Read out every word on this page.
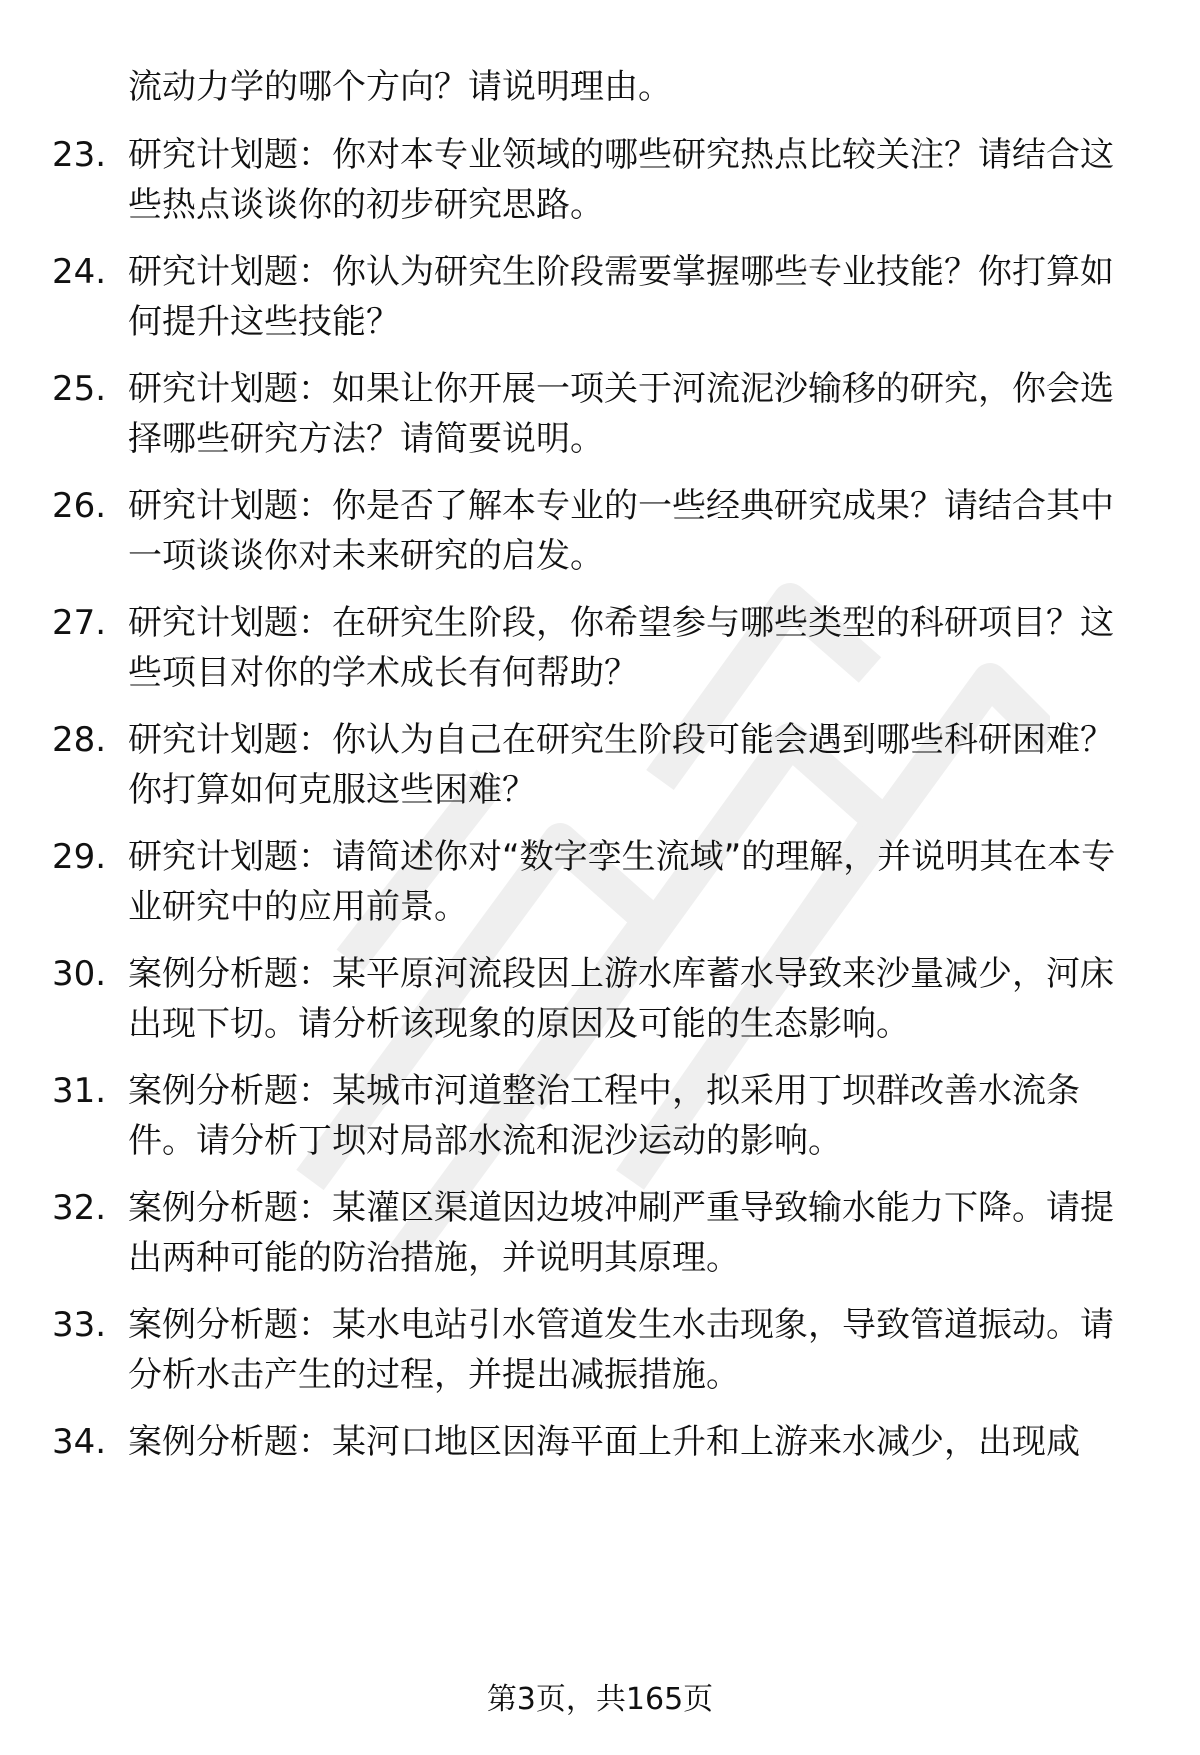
流动力学的哪个方向？请说明理由。

23. 研究计划题：你对本专业领域的哪些研究热点比较关注？请结合这些热点谈谈你的初步研究思路。
24. 研究计划题：你认为研究生阶段需要掌握哪些专业技能？你打算如何提升这些技能？
25. 研究计划题：如果让你开展一项关于河流泥沙输移的研究，你会选择哪些研究方法？请简要说明。
26. 研究计划题：你是否了解本专业的一些经典研究成果？请结合其中一项谈谈你对未来研究的启发。
27. 研究计划题：在研究生阶段，你希望参与哪些类型的科研项目？这些项目对你的学术成长有何帮助？
28. 研究计划题：你认为自己在研究生阶段可能会遇到哪些科研困难？你打算如何克服这些困难？
29. 研究计划题：请简述你对“数字孪生流域”的理解，并说明其在本专业研究中的应用前景。
30. 案例分析题：某平原河流段因上游水库蓄水导致来沙量减少，河床出现下切。请分析该现象的原因及可能的生态影响。
31. 案例分析题：某城市河道整治工程中，拟采用丁坝群改善水流条件。请分析丁坝对局部水流和泥沙运动的影响。
32. 案例分析题：某灌区渠道因边坡冲刷严重导致输水能力下降。请提出两种可能的防治措施，并说明其原理。
33. 案例分析题：某水电站引水管道发生水击现象，导致管道振动。请分析水击产生的过程，并提出减振措施。
34. 案例分析题：某河口地区因海平面上升和上游来水减少，出现咸
第3页，共165页
